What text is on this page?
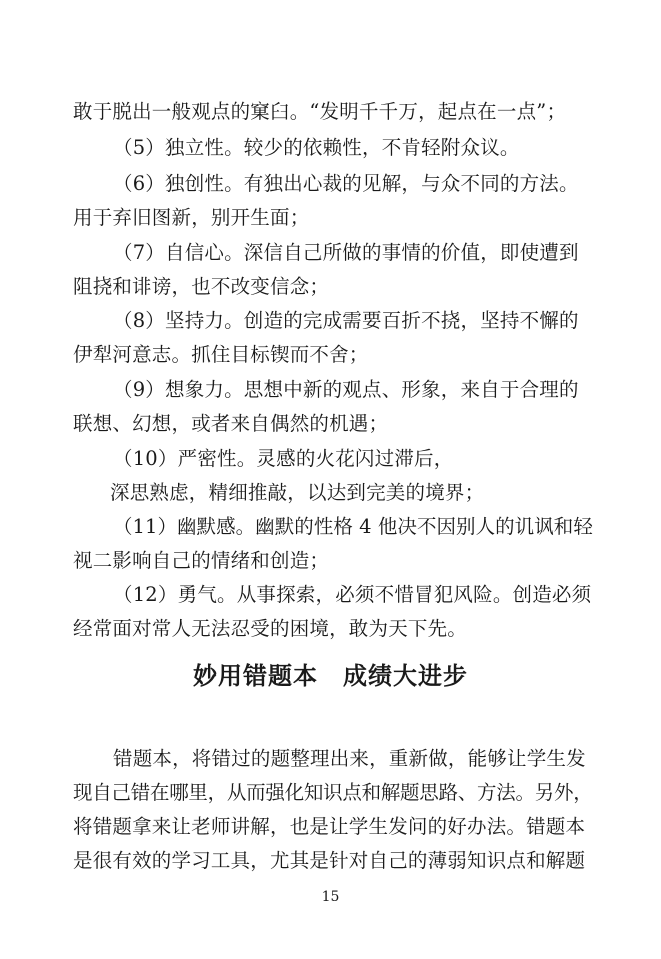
敢于脱出一般观点的窠臼。“发明千千万，起点在一点”；
（5）独立性。较少的依赖性，不肯轻附众议。
（6）独创性。有独出心裁的见解，与众不同的方法。
用于弃旧图新，别开生面；
（7）自信心。深信自己所做的事情的价值，即使遭到
阻挠和诽谤，也不改变信念；
（8）坚持力。创造的完成需要百折不挠，坚持不懈的
伊犁河意志。抓住目标锲而不舍；
（9）想象力。思想中新的观点、形象，来自于合理的
联想、幻想，或者来自偶然的机遇；
（10）严密性。灵感的火花闪过滞后，
深思熟虑，精细推敲，以达到完美的境界；
（11）幽默感。幽默的性格 4 他决不因别人的讥讽和轻
视二影响自己的情绪和创造；
（12）勇气。从事探索，必须不惜冒犯风险。创造必须
经常面对常人无法忍受的困境，敢为天下先。
妙用错题本　成绩大进步
错题本，将错过的题整理出来，重新做，能够让学生发
现自己错在哪里，从而强化知识点和解题思路、方法。另外，
将错题拿来让老师讲解，也是让学生发问的好办法。错题本
是很有效的学习工具，尤其是针对自己的薄弱知识点和解题
15
